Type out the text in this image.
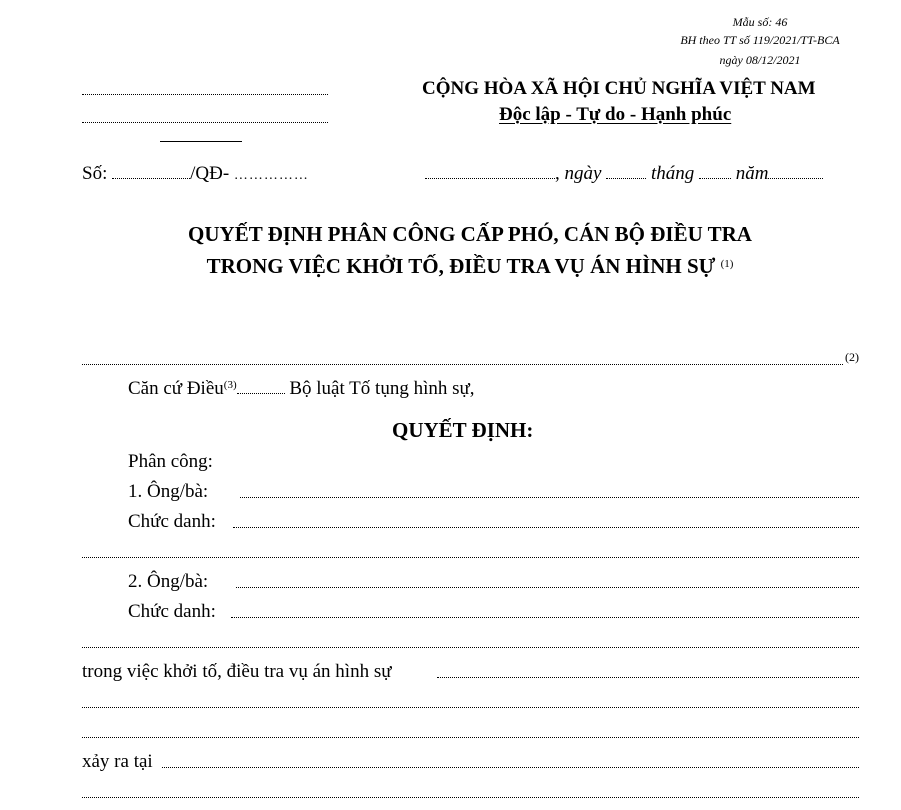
Mẫu số: 46
BH theo TT số 119/2021/TT-BCA
ngày 08/12/2021
CỘNG HÒA XÃ HỘI CHỦ NGHĨA VIỆT NAM
Độc lập - Tự do - Hạnh phúc
Số:	/QĐ- ……………	, ngày	tháng năm
QUYẾT ĐỊNH PHÂN CÔNG CẤP PHÓ, CÁN BỘ ĐIỀU TRA
TRONG VIỆC KHỞI TỐ, ĐIỀU TRA VỤ ÁN HÌNH SỰ $^{(1)}$
(2)
Căn cứ Điều$^{(3)}$	Bộ luật Tố tụng hình sự,
QUYẾT ĐỊNH:
Phân công:
1. Ông/bà:
Chức danh:
2. Ông/bà:
Chức danh:
trong việc khởi tố, điều tra vụ án hình sự
xảy ra tại
